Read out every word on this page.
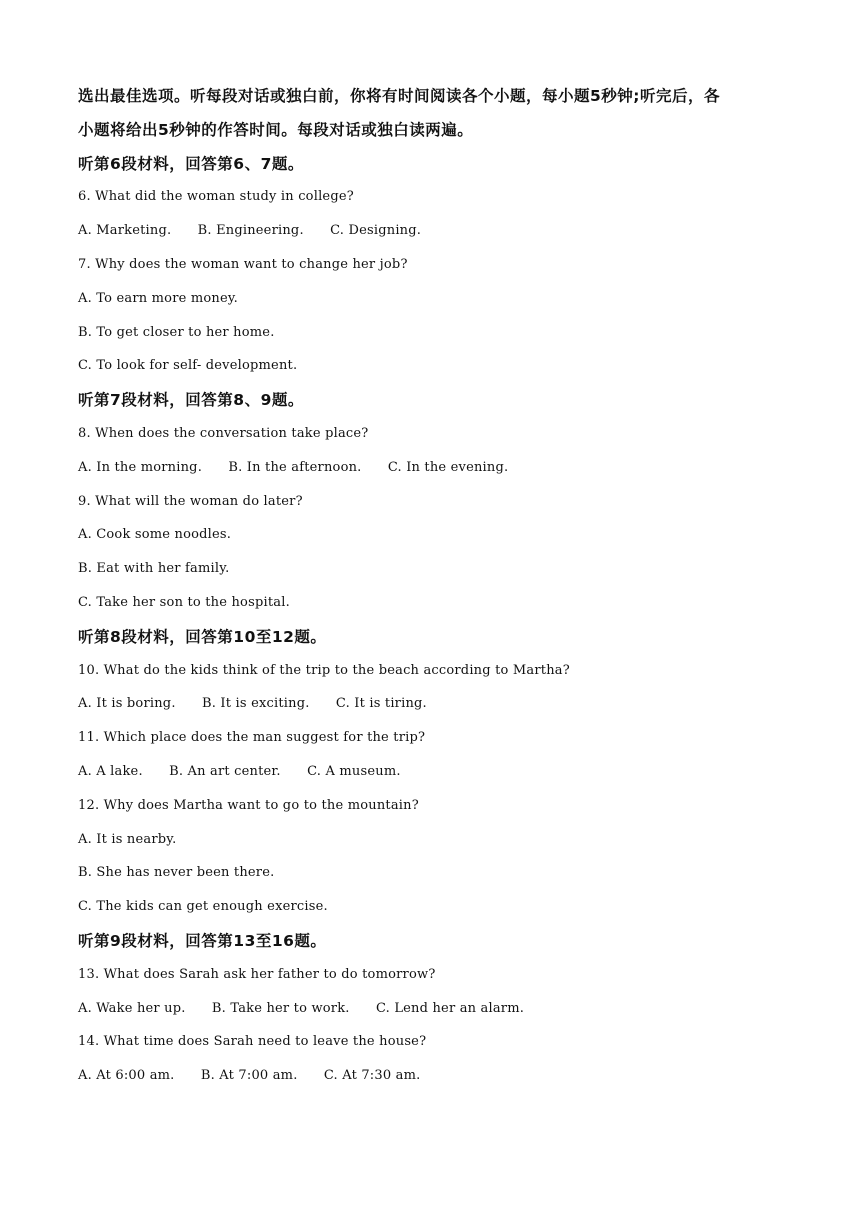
选出最佳选项。听每段对话或独白前，你将有时间阅读各个小题，每小题5秒钟;听完后，各
小题将给出5秒钟的作答时间。每段对话或独白读两遍。
听第6段材料，回答第6、7题。
6. What did the woman study in college?
A. Marketing. B. Engineering. C. Designing.
7. Why does the woman want to change her job?
A. To earn more money.
B. To get closer to her home.
C. To look for self- development.
听第7段材料，回答第8、9题。
8. When does the conversation take place?
A. In the morning. B. In the afternoon. C. In the evening.
9. What will the woman do later?
A. Cook some noodles.
B. Eat with her family.
C. Take her son to the hospital.
听第8段材料，回答第10至12题。
10. What do the kids think of the trip to the beach according to Martha?
A. It is boring. B. It is exciting. C. It is tiring.
11. Which place does the man suggest for the trip?
A. A lake. B. An art center. C. A museum.
12. Why does Martha want to go to the mountain?
A. It is nearby.
B. She has never been there.
C. The kids can get enough exercise.
听第9段材料，回答第13至16题。
13. What does Sarah ask her father to do tomorrow?
A. Wake her up. B. Take her to work. C. Lend her an alarm.
14. What time does Sarah need to leave the house?
A. At 6:00 am. B. At 7:00 am. C. At 7:30 am.
